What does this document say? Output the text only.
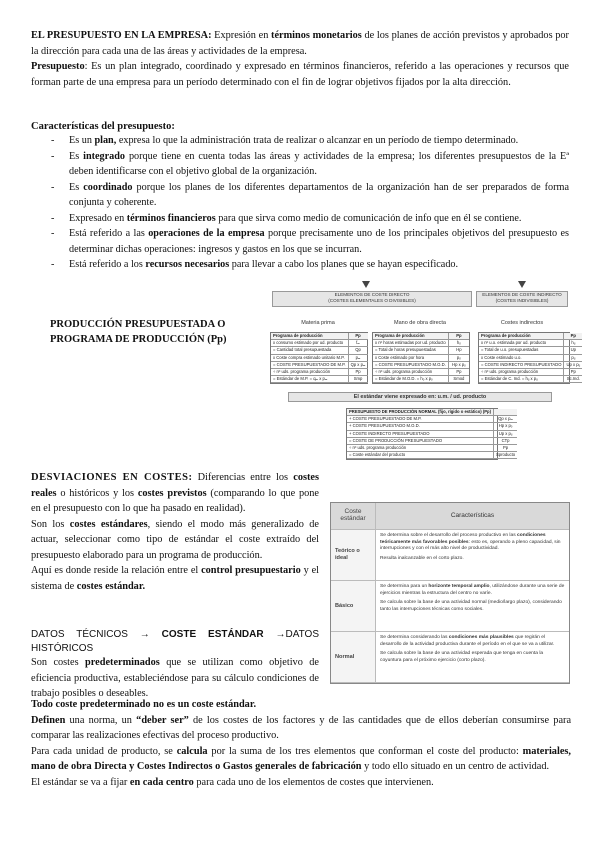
EL PRESUPUESTO EN LA EMPRESA: Expresión en términos monetarios de los planes de acción previstos y aprobados por la dirección para cada una de las áreas y actividades de la empresa.

Presupuesto: Es un plan integrado, coordinado y expresado en términos financieros, referido a las operaciones y recursos que forman parte de una empresa para un período determinado con el fin de lograr objetivos fijados por la alta dirección.

Características del presupuesto:
- Es un plan, expresa lo que la administración trata de realizar o alcanzar en un período de tiempo determinado.
- Es integrado porque tiene en cuenta todas las áreas y actividades de la empresa; los diferentes presupuestos de la Eª deben identificarse con el objetivo global de la organización.
- Es coordinado porque los planes de los diferentes departamentos de la organización han de ser preparados de forma conjunta y coherente.
- Expresado en términos financieros para que sirva como medio de comunicación de info que en él se contiene.
- Está referido a las operaciones de la empresa porque precisamente uno de los principales objetivos del presupuesto es determinar dichas operaciones: ingresos y gastos en los que se incurran.
- Está referido a los recursos necesarios para llevar a cabo los planes que se hayan especificado.
PRODUCCIÓN PRESUPUESTADA O
PROGRAMA DE PRODUCCIÓN (Pp)
ELEMENTOS DE COSTE DIRECTO
(COSTES ELEMENTALES O DIVISIBLES)
ELEMENTOS DE COSTE INDIRECTO
(COSTES INDIVISIBLES)
Materia prima	Mano de obra directa	Costes indirectos
Programa de producción	Pp
x consumo estimado por ud. producto	fₘ
= Cantidad total presupuestada	Qp
x Coste compra estimado unitario M.P.	pₘ
= COSTE PRESUPUESTADO DE M.P.	Qp x pₘ
÷ nº uds. programa producción	Pp
= Estándar de M.P. = qₘ x pₘ	Smp
Programa de producción	Pp
x nº horas estimadas por ud. producto	hₒ
= Total de horas presupuestadas	Hp
x Coste estimado por hora	pₒ
= COSTE PRESUPUESTADO M.O.D.	Hp x pₒ
÷ nº uds. programa producción	Pp
= Estándar de M.O.D. = hₒ x pₒ	Smod
Programa de producción	Pp
x nº u.o. estimada por ud. producto	hᵤ
= Total de u.o. presupuestadas	Up
x Coste estimado u.o.	pᵤ
= COSTE INDIRECTO PRESUPUESTADO	Up x pᵤ
÷ nº uds. programa producción	Pp
= Estándar de C. Ind. = hᵤ x pᵤ	Sc.Ind.
El estándar viene expresado en: u.m. / ud. producto
PRESUPUESTO DE PRODUCCIÓN NORMAL (fijo, rígido o estático) (Pp)	
+ COSTE PRESUPUESTADO DE M.P.	Qp x pₘ
+ COSTE PRESUPUESTADO M.O.D.	Hp x pₒ
+ COSTE INDIRECTO PRESUPUESTADO	Up x pᵤ
= COSTE DE PRODUCCIÓN PRESUPUESTADO	CTp
÷ nº uds. programa producción	Pp
= Coste estándar del producto	Sproducto

DESVIACIONES EN COSTES: Diferencias entre los costes reales o históricos y los costes previstos (comparando lo que pone en el presupuesto con lo que ha pasado en realidad).

Son los costes estándares, siendo el modo más generalizado de actuar, seleccionar como tipo de estándar el coste extraído del presupuesto elaborado para un programa de producción.

Aquí es donde reside la relación entre el control presupuestario y el sistema de costes estándar.

DATOS TÉCNICOS → COSTE ESTÁNDAR →DATOS HISTÓRICOS

Son costes predeterminados que se utilizan como objetivo de eficiencia productiva, estableciéndose para su cálculo condiciones de trabajo posibles o deseables.

Todo coste predeterminado no es un coste estándar.

Definen una norma, un “deber ser” de los costes de los factores y de las cantidades que de ellos deberían consumirse para comparar las realizaciones efectivas del proceso productivo.

Para cada unidad de producto, se calcula por la suma de los tres elementos que conforman el coste del producto: materiales, mano de obra Directa y Costes Indirectos o Gastos generales de fabricación y todo ello situado en un centro de actividad.

El estándar se va a fijar en cada centro para cada uno de los elementos de costes que intervienen.

Coste estándar	Características
Teórico o ideal	Se determina sobre el desarrollo del proceso productivo en las condiciones teóricamente más favorables posibles: esto es, operando a pleno capacidad, sin interrupciones y con el más alto nivel de productividad.
Resulta inalcanzable en el corto plazo.

Básico	Se determina para un horizonte temporal amplio, utilizándose durante una serie de ejercicios mientras la estructura del centro no varíe.
Se calcula sobre la base de una actividad normal (medio/largo plazo), considerando tanto las interrupciones técnicas como sociales.

Normal	Se determina considerando las condiciones más plausibles que regirán el desarrollo de la actividad productiva durante el período en el que se va a utilizar.
Se calcula sobre la base de una actividad esperada que tenga en cuenta la coyuntura para el próximo ejercicio (corto plazo).
